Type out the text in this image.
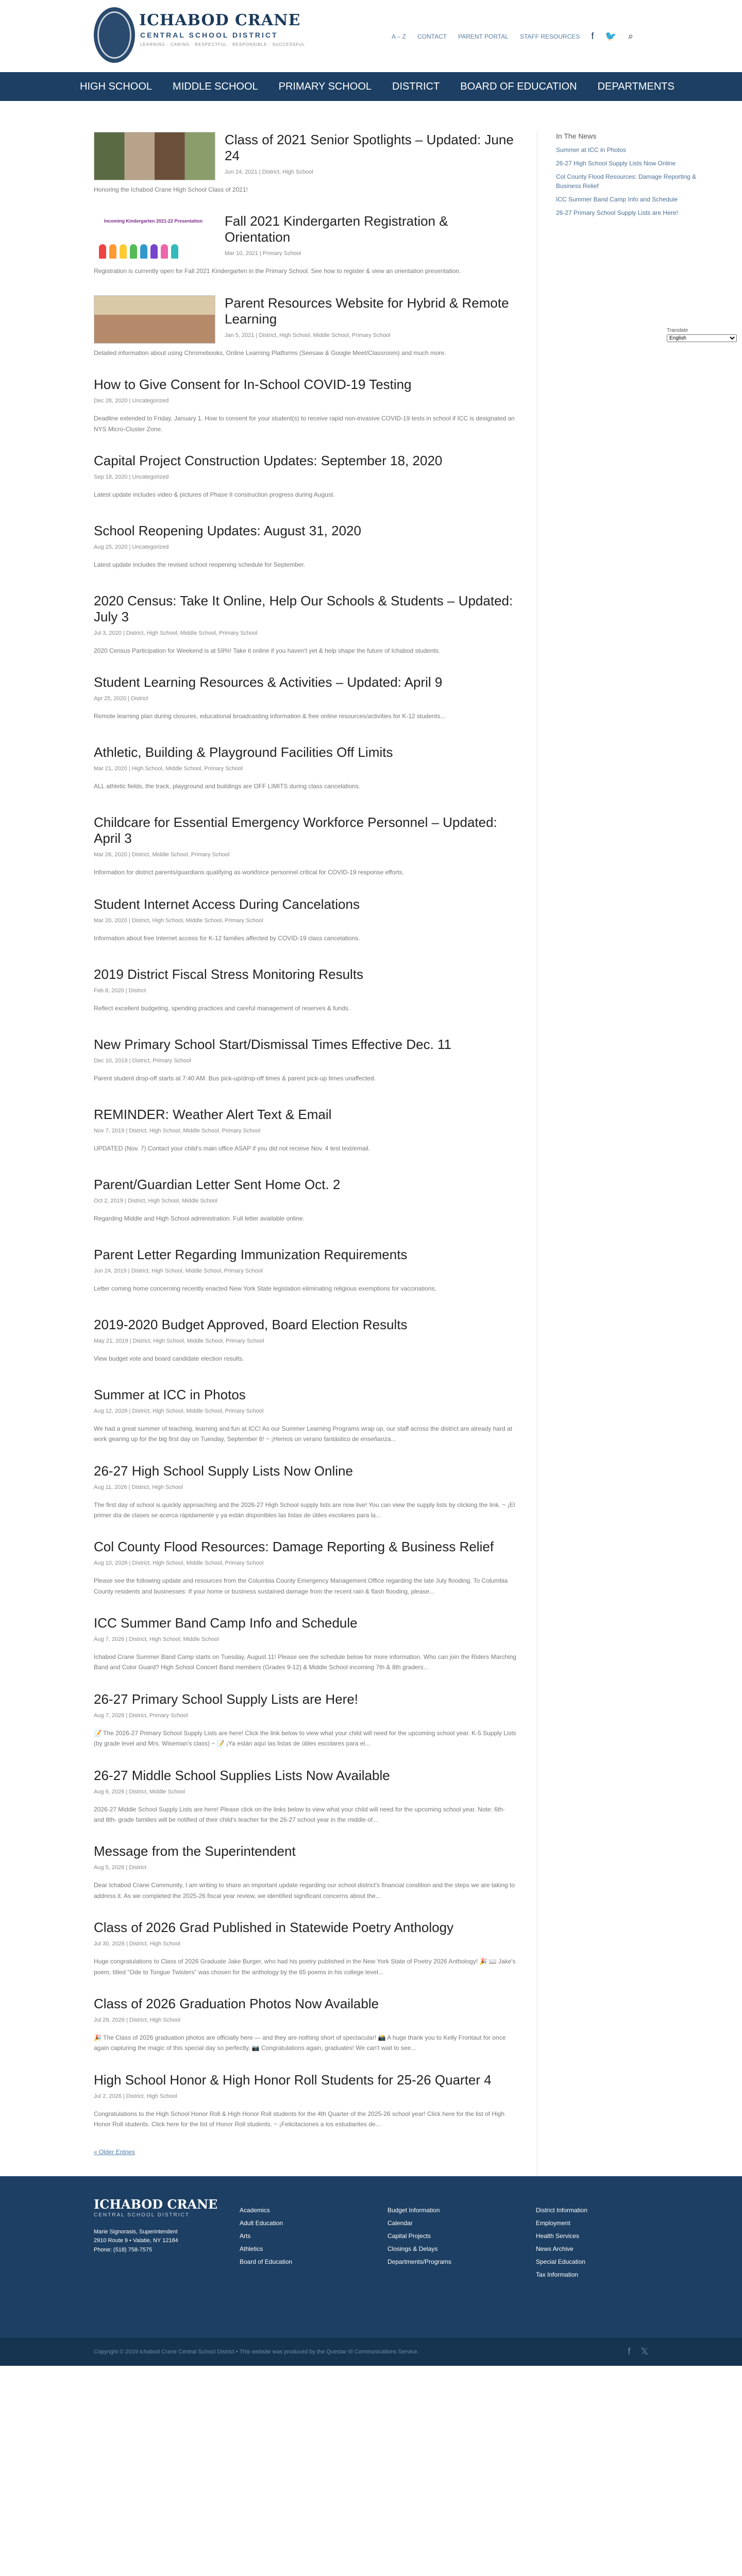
ICHABOD CRANE
CENTRAL SCHOOL DISTRICT
LEARNING · CARING · RESPECTFUL · RESPONSIBLE · SUCCESSFUL
A – Z CONTACT PARENT PORTAL STAFF RESOURCES f 🐦 ⌕
HIGH SCHOOL MIDDLE SCHOOL PRIMARY SCHOOL DISTRICT BOARD OF EDUCATION DEPARTMENTS
Class of 2021 Senior Spotlights – Updated: June 24
Jun 24, 2021 | District, High School
Honoring the Ichabod Crane High School Class of 2021!
Incoming Kindergarten 2021-22 Presentation Fall 2021 Kindergarten Registration & Orientation
Mar 10, 2021 | Primary School
Registration is currently open for Fall 2021 Kindergarten in the Primary School. See how to register & view an orientation presentation.
Parent Resources Website for Hybrid & Remote Learning
Jan 5, 2021 | District, High School, Middle School, Primary School
Detailed information about using Chromebooks, Online Learning Platforms (Seesaw & Google Meet/Classroom) and much more.
How to Give Consent for In-School COVID-19 Testing
Dec 28, 2020 | Uncategorized
Deadline extended to Friday, January 1. How to consent for your student(s) to receive rapid non-invasive COVID-19 tests in school if ICC is designated an NYS Micro-Cluster Zone.
Capital Project Construction Updates: September 18, 2020
Sep 18, 2020 | Uncategorized
Latest update includes video & pictures of Phase II construction progress during August.
School Reopening Updates: August 31, 2020
Aug 25, 2020 | Uncategorized
Latest update includes the revised school reopening schedule for September.
2020 Census: Take It Online, Help Our Schools & Students – Updated: July 3
Jul 3, 2020 | District, High School, Middle School, Primary School
2020 Census Participation for Weekend is at 59%! Take it online if you haven't yet & help shape the future of Ichabod students.
Student Learning Resources & Activities – Updated: April 9
Apr 25, 2020 | District
Remote learning plan during closures, educational broadcasting information & free online resources/activities for K-12 students...
Athletic, Building & Playground Facilities Off Limits
Mar 21, 2020 | High School, Middle School, Primary School
ALL athletic fields, the track, playground and buildings are OFF LIMITS during class cancelations.
Childcare for Essential Emergency Workforce Personnel – Updated: April 3
Mar 26, 2020 | District, Middle School, Primary School
Information for district parents/guardians qualifying as workforce personnel critical for COVID-19 response efforts.
Student Internet Access During Cancelations
Mar 20, 2020 | District, High School, Middle School, Primary School
Information about free Internet access for K-12 families affected by COVID-19 class cancelations.
2019 District Fiscal Stress Monitoring Results
Feb 8, 2020 | District
Reflect excellent budgeting, spending practices and careful management of reserves & funds.
New Primary School Start/Dismissal Times Effective Dec. 11
Dec 10, 2019 | District, Primary School
Parent student drop-off starts at 7:40 AM. Bus pick-up/drop-off times & parent pick-up times unaffected.
REMINDER: Weather Alert Text & Email
Nov 7, 2019 | District, High School, Middle School, Primary School
UPDATED (Nov. 7) Contact your child's main office ASAP if you did not receive Nov. 4 test text/email.
Parent/Guardian Letter Sent Home Oct. 2
Oct 2, 2019 | District, High School, Middle School
Regarding Middle and High School administration. Full letter available online.
Parent Letter Regarding Immunization Requirements
Jun 24, 2019 | District, High School, Middle School, Primary School
Letter coming home concerning recently enacted New York State legislation eliminating religious exemptions for vaccinations.
2019-2020 Budget Approved, Board Election Results
May 21, 2019 | District, High School, Middle School, Primary School
View budget vote and board candidate election results.
Summer at ICC in Photos
Aug 12, 2026 | District, High School, Middle School, Primary School
We had a great summer of teaching, learning and fun at ICC! As our Summer Learning Programs wrap up, our staff across the district are already hard at work gearing up for the big first day on Tuesday, September 8! ~ ¡Hemos un verano fantástico de enseñanza...
26-27 High School Supply Lists Now Online
Aug 11, 2026 | District, High School
The first day of school is quickly approaching and the 2026-27 High School supply lists are now live! You can view the supply lists by clicking the link. ~ ¡El primer día de clases se acerca rápidamente y ya están disponibles las listas de útiles escolares para la...
Col County Flood Resources: Damage Reporting & Business Relief
Aug 10, 2026 | District, High School, Middle School, Primary School
Please see the following update and resources from the Columbia County Emergency Management Office regarding the late July flooding. To Columbia County residents and businesses: If your home or business sustained damage from the recent rain & flash flooding, please...
ICC Summer Band Camp Info and Schedule
Aug 7, 2026 | District, High School, Middle School
Ichabod Crane Summer Band Camp starts on Tuesday, August 11! Please see the schedule below for more information. Who can join the Riders Marching Band and Color Guard? High School Concert Band members (Grades 9-12) & Middle School incoming 7th & 8th graders...
26-27 Primary School Supply Lists are Here!
Aug 7, 2026 | District, Primary School
📝 The 2026-27 Primary School Supply Lists are here! Click the link below to view what your child will need for the upcoming school year. K-5 Supply Lists (by grade level and Mrs. Wiseman's class) ~ 📝 ¡Ya están aquí las listas de útiles escolares para el...
26-27 Middle School Supplies Lists Now Available
Aug 6, 2026 | District, Middle School
2026-27 Middle School Supply Lists are here! Please click on the links below to view what your child will need for the upcoming school year. Note: 6th- and 8th- grade families will be notified of their child's teacher for the 26-27 school year in the middle of...
Message from the Superintendent
Aug 5, 2026 | District
Dear Ichabod Crane Community, I am writing to share an important update regarding our school district's financial condition and the steps we are taking to address it. As we completed the 2025-26 fiscal year review, we identified significant concerns about the...
Class of 2026 Grad Published in Statewide Poetry Anthology
Jul 30, 2026 | District, High School
Huge congratulations to Class of 2026 Graduate Jake Burger, who had his poetry published in the New York State of Poetry 2026 Anthology! 🎉 📖 Jake's poem, titled "Ode to Tongue Twisters" was chosen for the anthology by the 65 poems in his college level...
Class of 2026 Graduation Photos Now Available
Jul 29, 2026 | District, High School
🎉 The Class of 2026 graduation photos are officially here — and they are nothing short of spectacular! 📸 A huge thank you to Kelly Frontaut for once again capturing the magic of this special day so perfectly. 📷 Congratulations again, graduates! We can't wait to see...
High School Honor & High Honor Roll Students for 25-26 Quarter 4
Jul 2, 2026 | District, High School
Congratulations to the High School Honor Roll & High Honor Roll students for the 4th Quarter of the 2025-26 school year! Click here for the list of High Honor Roll students. Click here for the list of Honor Roll students. ~ ¡Felicitaciones a los estudiantes de...
« Older Entries
In The News
Summer at ICC in Photos
26-27 High School Supply Lists Now Online
Col County Flood Resources: Damage Reporting & Business Relief
ICC Summer Band Camp Info and Schedule
26-27 Primary School Supply Lists are Here!
Translate
English
ICHABOD CRANE
CENTRAL SCHOOL DISTRICT
Marie Signorasis, Superintendent
2910 Route 9 • Valatie, NY 12184
Phone: (518) 758-7575
Academics
Adult Education
Arts
Athletics
Board of Education
Budget Information
Calendar
Capital Projects
Closings & Delays
Departments/Programs
District Information
Employment
Health Services
News Archive
Special Education
Tax Information
Copyright © 2019 Ichabod Crane Central School District • This website was produced by the Questar III Communications Service.	f 𝕏
